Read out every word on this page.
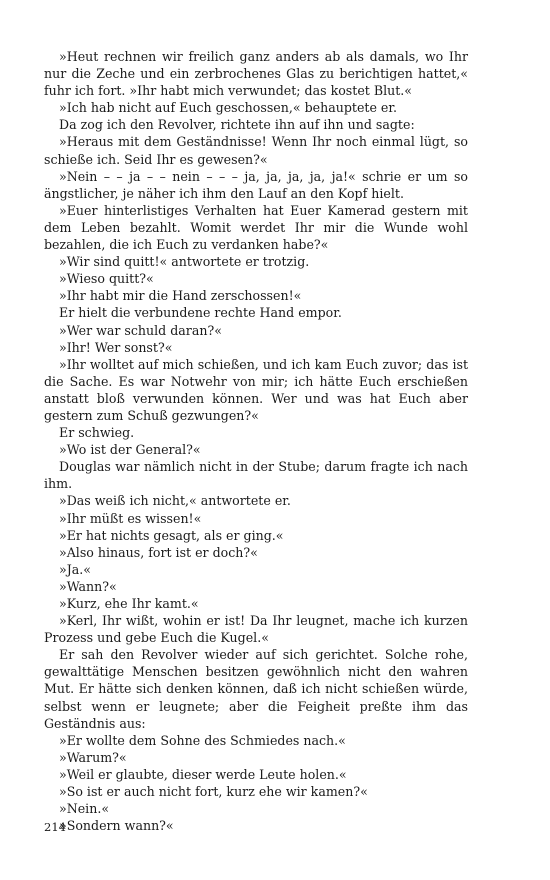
»Heut rechnen wir freilich ganz anders ab als damals, wo Ihr nur die Zeche und ein zerbrochenes Glas zu berichtigen hattet,« fuhr ich fort. »Ihr habt mich verwundet; das kostet Blut.«

»Ich hab nicht auf Euch geschossen,« behauptete er.

Da zog ich den Revolver, richtete ihn auf ihn und sagte:

»Heraus mit dem Geständnisse! Wenn Ihr noch einmal lügt, so schieße ich. Seid Ihr es gewesen?«

»Nein – – ja – – nein – – – ja, ja, ja, ja, ja!« schrie er um so ängstlicher, je näher ich ihm den Lauf an den Kopf hielt.

»Euer hinterlistiges Verhalten hat Euer Kamerad gestern mit dem Leben bezahlt. Womit werdet Ihr mir die Wunde wohl bezahlen, die ich Euch zu verdanken habe?«

»Wir sind quitt!« antwortete er trotzig.

»Wieso quitt?«

»Ihr habt mir die Hand zerschossen!«

Er hielt die verbundene rechte Hand empor.

»Wer war schuld daran?«

»Ihr! Wer sonst?«

»Ihr wolltet auf mich schießen, und ich kam Euch zuvor; das ist die Sache. Es war Notwehr von mir; ich hätte Euch erschießen anstatt bloß verwunden können. Wer und was hat Euch aber gestern zum Schuß gezwungen?«

Er schwieg.

»Wo ist der General?«

Douglas war nämlich nicht in der Stube; darum fragte ich nach ihm.

»Das weiß ich nicht,« antwortete er.

»Ihr müßt es wissen!«

»Er hat nichts gesagt, als er ging.«

»Also hinaus, fort ist er doch?«

»Ja.«

»Wann?«

»Kurz, ehe Ihr kamt.«

»Kerl, Ihr wißt, wohin er ist! Da Ihr leugnet, mache ich kurzen Prozess und gebe Euch die Kugel.«

Er sah den Revolver wieder auf sich gerichtet. Solche rohe, gewalttätige Menschen besitzen gewöhnlich nicht den wahren Mut. Er hätte sich denken können, daß ich nicht schießen würde, selbst wenn er leugnete; aber die Feigheit preßte ihm das Geständnis aus:

»Er wollte dem Sohne des Schmiedes nach.«

»Warum?«

»Weil er glaubte, dieser werde Leute holen.«

»So ist er auch nicht fort, kurz ehe wir kamen?«

»Nein.«

»Sondern wann?«

214
